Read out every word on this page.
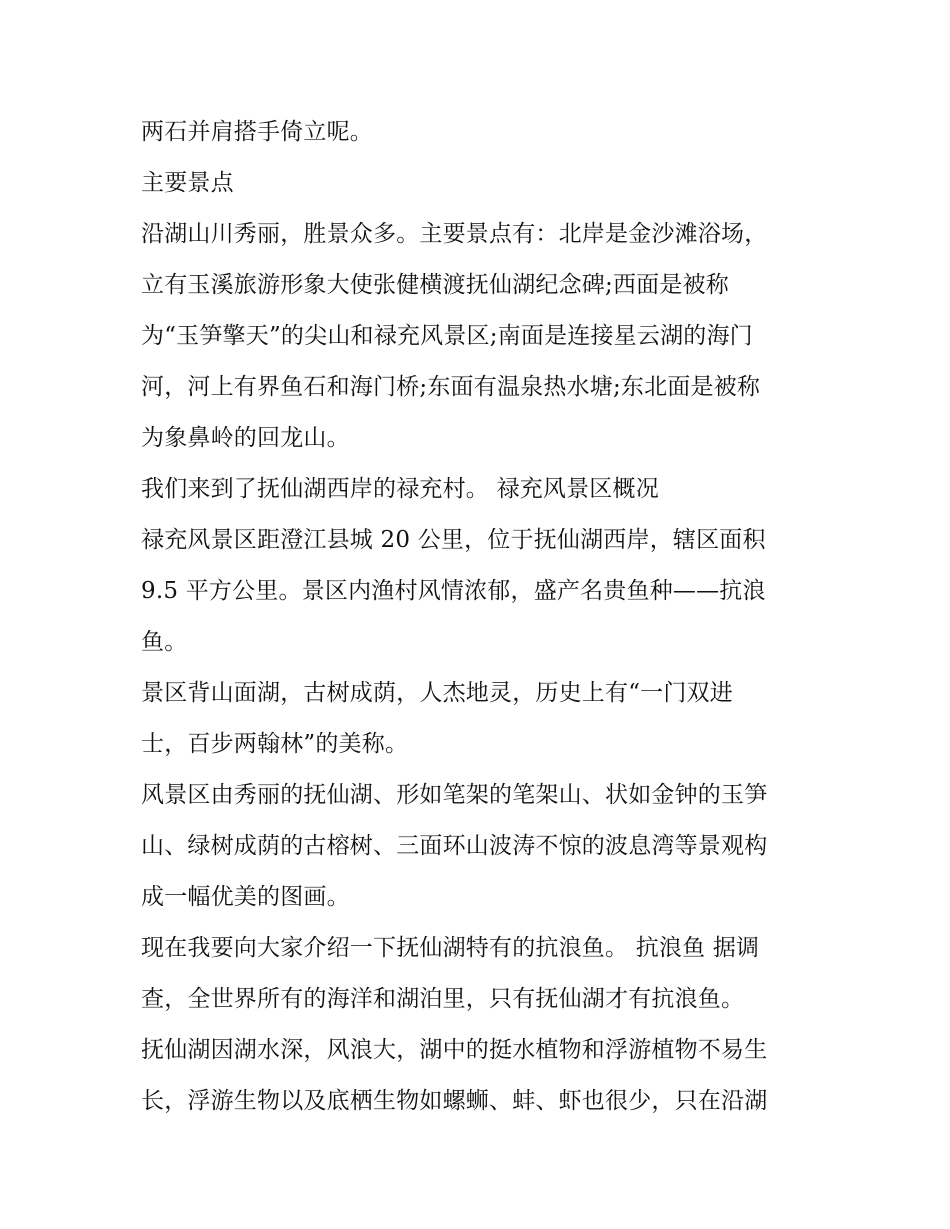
两石并肩搭手倚立呢。
主要景点
沿湖山川秀丽，胜景众多。主要景点有：北岸是金沙滩浴场，
立有玉溪旅游形象大使张健横渡抚仙湖纪念碑;西面是被称
为“玉笋擎天”的尖山和禄充风景区;南面是连接星云湖的海门
河，河上有界鱼石和海门桥;东面有温泉热水塘;东北面是被称
为象鼻岭的回龙山。
我们来到了抚仙湖西岸的禄充村。 禄充风景区概况
禄充风景区距澄江县城 20 公里，位于抚仙湖西岸，辖区面积
9.5 平方公里。景区内渔村风情浓郁，盛产名贵鱼种——抗浪
鱼。
景区背山面湖，古树成荫，人杰地灵，历史上有“一门双进
士，百步两翰林”的美称。
风景区由秀丽的抚仙湖、形如笔架的笔架山、状如金钟的玉笋
山、绿树成荫的古榕树、三面环山波涛不惊的波息湾等景观构
成一幅优美的图画。
现在我要向大家介绍一下抚仙湖特有的抗浪鱼。 抗浪鱼 据调
查，全世界所有的海洋和湖泊里，只有抚仙湖才有抗浪鱼。
抚仙湖因湖水深，风浪大，湖中的挺水植物和浮游植物不易生
长，浮游生物以及底栖生物如螺蛳、蚌、虾也很少，只在沿湖
